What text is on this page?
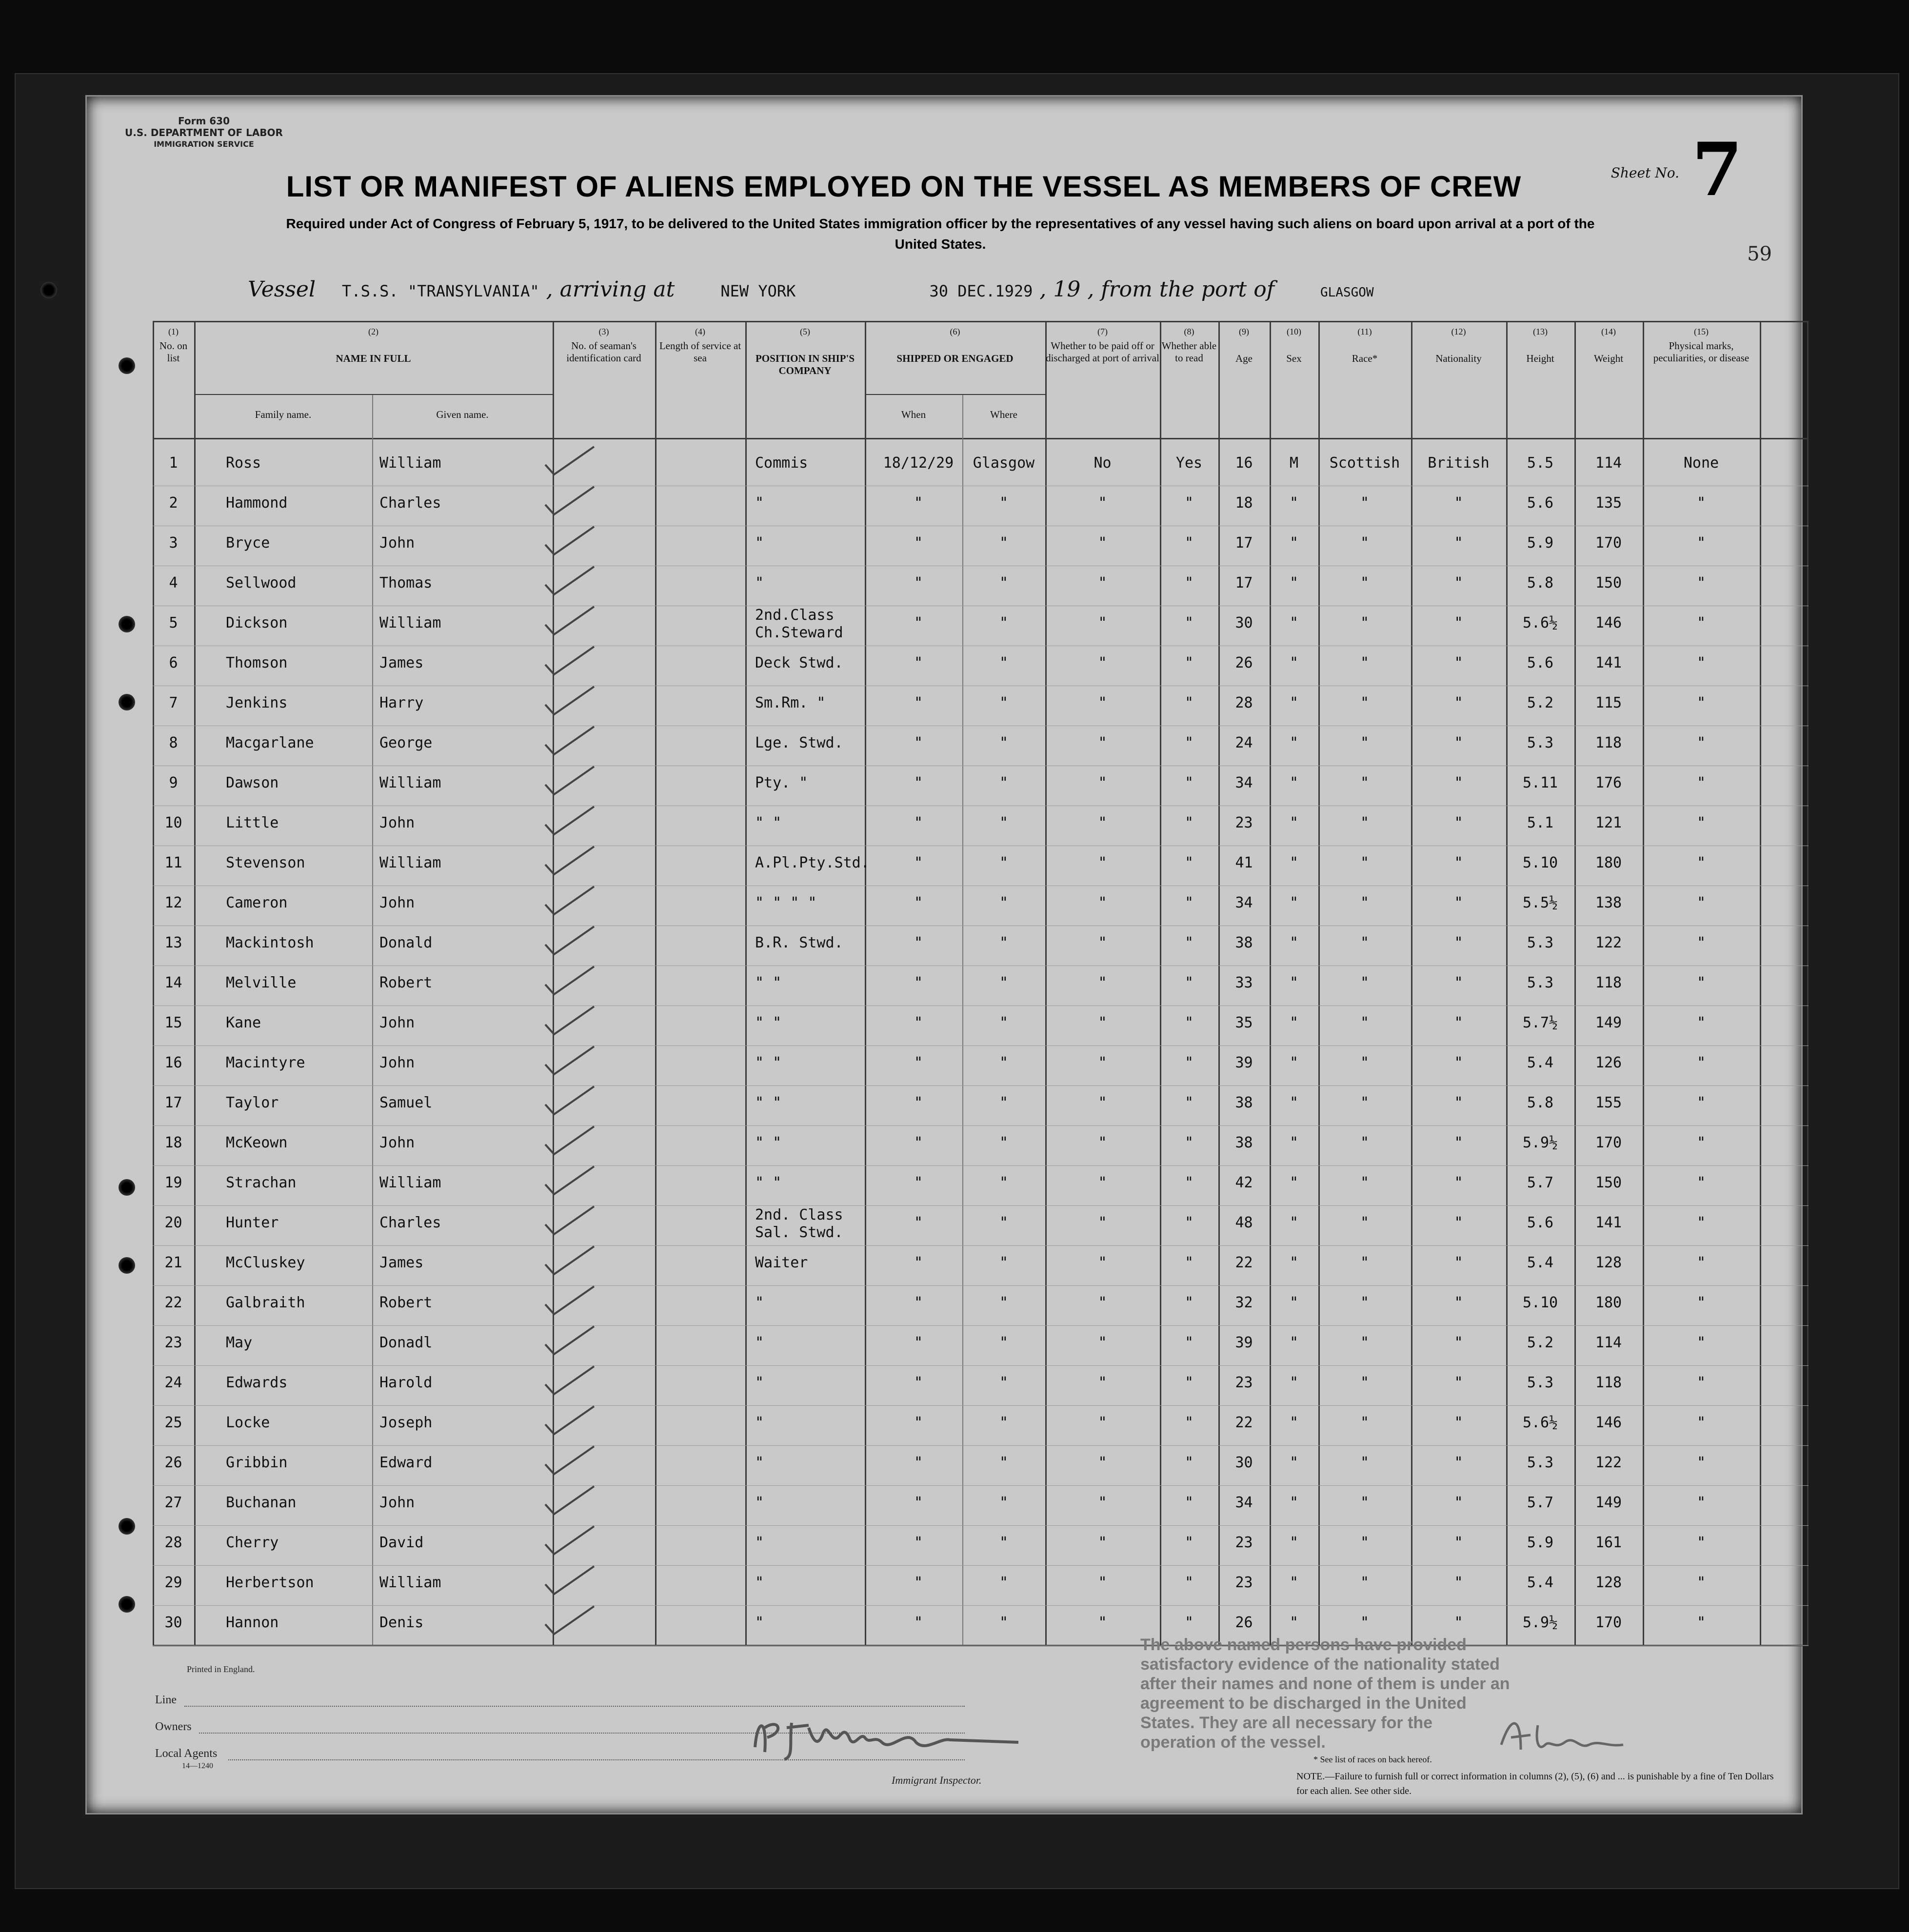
Form 630
U.S. DEPARTMENT OF LABOR
IMMIGRATION SERVICE
Sheet No. 7
59
LIST OR MANIFEST OF ALIENS EMPLOYED ON THE VESSEL AS MEMBERS OF CREW
Required under Act of Congress of February 5, 1917, to be delivered to the United States immigration officer by the representatives of any vessel having such aliens on board upon arrival at a port of the United States.
Vessel T.S.S. "TRANSYLVANIA" , arriving at	NEW YORK	30 DEC.1929 , 19 , from the port of	GLASGOW
(1)
No. on list
(2)
NAME IN FULL
Family name.	Given name.
(3)
No. of seaman's identification card
(4)
Length of service at sea
(5)
POSITION IN SHIP'S COMPANY
(6)
SHIPPED OR ENGAGED
When	Where
(7)
Whether to be paid off or discharged at port of arrival
(8)
Whether able to read
(9)
Age
(10)
Sex
(11)
Race*
(12)
Nationality
(13)
Height
(14)
Weight
(15)
Physical marks, peculiarities, or disease
1	Ross	William	Commis	18/12/29	Glasgow	No	Yes	16	M	Scottish	British	5.5	114	None
2	Hammond	Charles	"	"	"	"	"	18	"	"	"	5.6	135	"
3	Bryce	John	"	"	"	"	"	17	"	"	"	5.9	170	"
4	Sellwood	Thomas	"	"	"	"	"	17	"	"	"	5.8	150	"
5	Dickson	William	2nd.Class	"	"	"	"	30	"	"	"	5.6½	146	"
Ch.Steward
6	Thomson	James	Deck Stwd.	"	"	"	"	26	"	"	"	5.6	141	"
7	Jenkins	Harry	Sm.Rm. "	"	"	"	"	28	"	"	"	5.2	115	"
8	Macgarlane	George	Lge. Stwd.	"	"	"	"	24	"	"	"	5.3	118	"
9	Dawson	William	Pty. "	"	"	"	"	34	"	"	"	5.11	176	"
10	Little	John	" "	"	"	"	"	23	"	"	"	5.1	121	"
11	Stevenson	William	A.Pl.Pty.Std.	"	"	"	"	41	"	"	"	5.10	180	"
12	Cameron	John	" " " "	"	"	"	"	34	"	"	"	5.5½	138	"
13	Mackintosh	Donald	B.R. Stwd.	"	"	"	"	38	"	"	"	5.3	122	"
14	Melville	Robert	" "	"	"	"	"	33	"	"	"	5.3	118	"
15	Kane	John	" "	"	"	"	"	35	"	"	"	5.7½	149	"
16	Macintyre	John	" "	"	"	"	"	39	"	"	"	5.4	126	"
17	Taylor	Samuel	" "	"	"	"	"	38	"	"	"	5.8	155	"
18	McKeown	John	" "	"	"	"	"	38	"	"	"	5.9½	170	"
19	Strachan	William	" "	"	"	"	"	42	"	"	"	5.7	150	"
20	Hunter	Charles	2nd. Class	"	"	"	"	48	"	"	"	5.6	141	"
Sal. Stwd.
21	McCluskey	James	Waiter	"	"	"	"	22	"	"	"	5.4	128	"
22	Galbraith	Robert	"	"	"	"	"	32	"	"	"	5.10	180	"
23	May	Donadl	"	"	"	"	"	39	"	"	"	5.2	114	"
24	Edwards	Harold	"	"	"	"	"	23	"	"	"	5.3	118	"
25	Locke	Joseph	"	"	"	"	"	22	"	"	"	5.6½	146	"
26	Gribbin	Edward	"	"	"	"	"	30	"	"	"	5.3	122	"
27	Buchanan	John	"	"	"	"	"	34	"	"	"	5.7	149	"
28	Cherry	David	"	"	"	"	"	23	"	"	"	5.9	161	"
29	Herbertson	William	"	"	"	"	"	23	"	"	"	5.4	128	"
30	Hannon	Denis	"	"	"	"	"	26	"	"	"	5.9½	170	"
Printed in England.
Line
Owners
Local Agents
14—1240
Immigrant Inspector.
The above named persons have provided satisfactory evidence of the nationality stated after their names and none of them is under an agreement to be discharged in the United States. They are all necessary for the operation of the vessel.
* See list of races on back hereof.
NOTE.—Failure to furnish full or correct information in columns (2), (5), (6) and ... is punishable by a fine of Ten Dollars for each alien. See other side.
